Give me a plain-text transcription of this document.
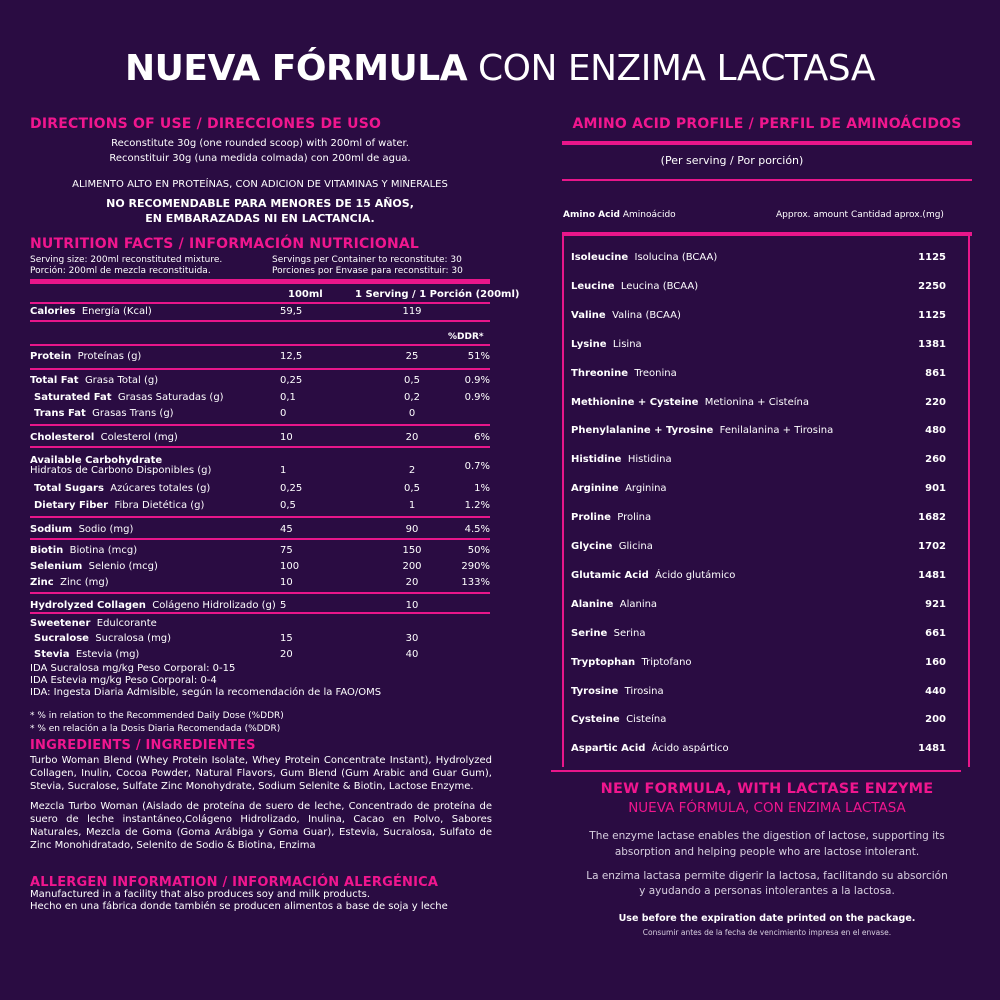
NUEVA FÓRMULA CON ENZIMA LACTASA
DIRECTIONS OF USE / DIRECCIONES DE USO
Reconstitute 30g (one rounded scoop) with 200ml of water.
Reconstituir 30g (una medida colmada) con 200ml de agua.
ALIMENTO ALTO EN PROTEÍNAS, CON ADICION DE VITAMINAS Y MINERALES
NO RECOMENDABLE PARA MENORES DE 15 AÑOS,
EN EMBARAZADAS NI EN LACTANCIA.
NUTRITION FACTS / INFORMACIÓN NUTRICIONAL
Serving size: 200ml reconstituted mixture.
Porción: 200ml de mezcla reconstituida.
Servings per Container to reconstitute: 30
Porciones por Envase para reconstituir: 30
100ml	1 Serving / 1 Porción (200ml)
Calories Energía (Kcal)	59,5	119
Protein Proteínas (g)	12,5	25	51%
Total Fat Grasa Total (g)	0,25	0,5	0.9%
Saturated Fat Grasas Saturadas (g)	0,1	0,2	0.9%
Trans Fat Grasas Trans (g)	0	0
Cholesterol Colesterol (mg)	10	20	6%
Available Carbohydrate
Hidratos de Carbono Disponibles (g)	1	2	0.7%
Total Sugars Azúcares totales (g)	0,25	0,5	1%
Dietary Fiber Fibra Dietética (g)	0,5	1	1.2%
Sodium Sodio (mg)	45	90	4.5%
Biotin Biotina (mcg)	75	150	50%
Selenium Selenio (mcg)	100	200	290%
Zinc Zinc (mg)	10	20	133%
Hydrolyzed Collagen Colágeno Hidrolizado (g) 5	10
Sweetener Edulcorante
Sucralose Sucralosa (mg)	15	30
Stevia Estevia (mg)	20	40
%DDR*
IDA Sucralosa mg/kg Peso Corporal: 0-15
IDA Estevia mg/kg Peso Corporal: 0-4
IDA: Ingesta Diaria Admisible, según la recomendación de la FAO/OMS
* % in relation to the Recommended Daily Dose (%DDR)
* % en relación a la Dosis Diaria Recomendada (%DDR)
INGREDIENTS / INGREDIENTES
Turbo Woman Blend (Whey Protein Isolate, Whey Protein Concentrate Instant), Hydrolyzed Collagen, Inulin, Cocoa Powder, Natural Flavors, Gum Blend (Gum Arabic and Guar Gum), Stevia, Sucralose, Sulfate Zinc Monohydrate, Sodium Selenite & Biotin, Lactose Enzyme.
Mezcla Turbo Woman (Aislado de proteína de suero de leche, Concentrado de proteína de suero de leche instantáneo,Colágeno Hidrolizado, Inulina, Cacao en Polvo, Sabores Naturales, Mezcla de Goma (Goma Arábiga y Goma Guar), Estevia, Sucralosa, Sulfato de Zinc Monohidratado, Selenito de Sodio & Biotina, Enzima
ALLERGEN INFORMATION / INFORMACIÓN ALERGÉNICA
Manufactured in a facility that also produces soy and milk products.
Hecho en una fábrica donde también se producen alimentos a base de soja y leche
AMINO ACID PROFILE / PERFIL DE AMINOÁCIDOS
(Per serving / Por porción)
Amino Acid Aminoácido	Approx. amount Cantidad aprox.(mg)
Isoleucine Isolucina (BCAA)	1125
Leucine Leucina (BCAA)	2250
Valine Valina (BCAA)	1125
Lysine Lisina	1381
Threonine Treonina	861
Methionine + Cysteine Metionina + Cisteína	220
Phenylalanine + Tyrosine Fenilalanina + Tirosina	480
Histidine Histidina	260
Arginine Arginina	901
Proline Prolina	1682
Glycine Glicina	1702
Glutamic Acid Ácido glutámico	1481
Alanine Alanina	921
Serine Serina	661
Tryptophan Triptofano	160
Tyrosine Tirosina	440
Cysteine Cisteína	200
Aspartic Acid Ácido aspártico	1481
NEW FORMULA, WITH LACTASE ENZYME
NUEVA FÓRMULA, CON ENZIMA LACTASA
The enzyme lactase enables the digestion of lactose, supporting its
absorption and helping people who are lactose intolerant.
La enzima lactasa permite digerir la lactosa, facilitando su absorción
y ayudando a personas intolerantes a la lactosa.
Use before the expiration date printed on the package.
Consumir antes de la fecha de vencimiento impresa en el envase.
